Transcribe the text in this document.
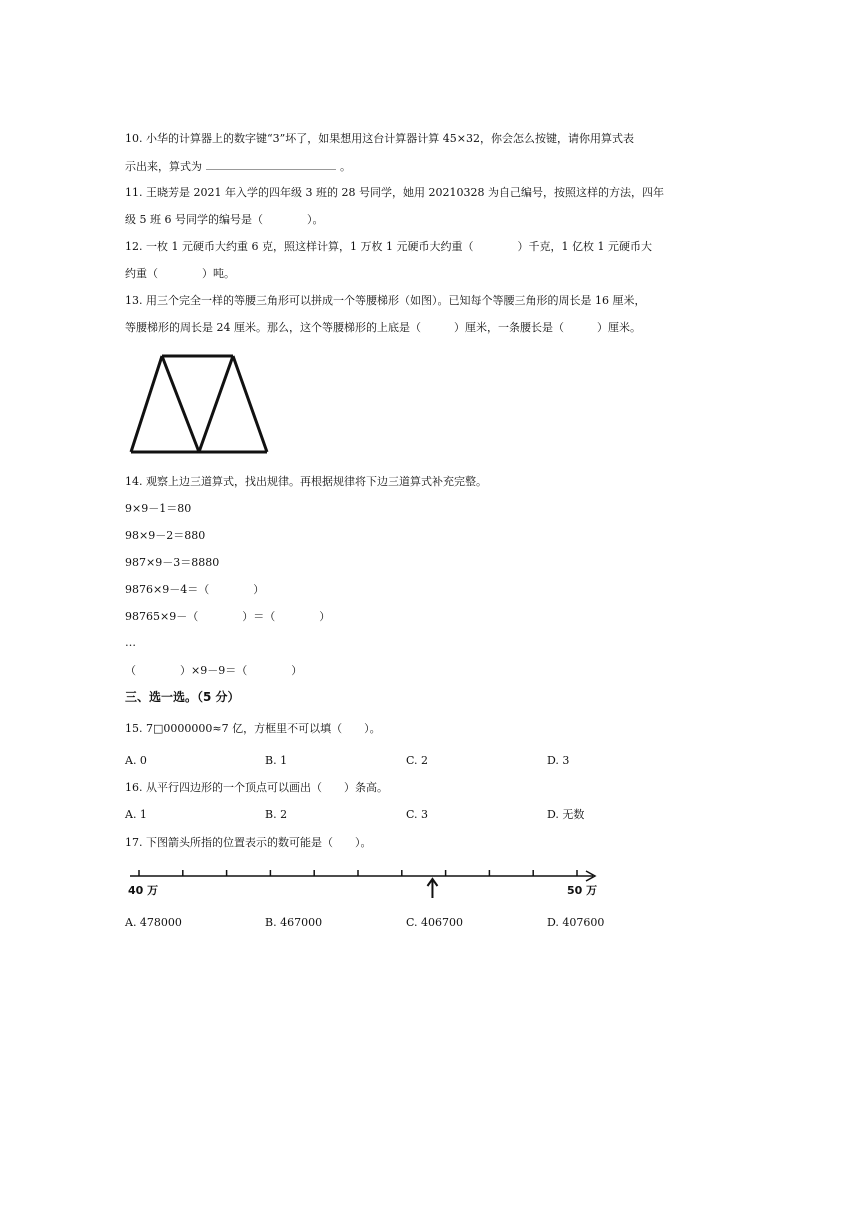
10. 小华的计算器上的数字键“3”坏了，如果想用这台计算器计算 45×32，你会怎么按键，请你用算式表
示出来，算式为	。
11. 王晓芳是 2021 年入学的四年级 3 班的 28 号同学，她用 20210328 为自己编号，按照这样的方法，四年
级 5 班 6 号同学的编号是（　　　　）。
12. 一枚 1 元硬币大约重 6 克，照这样计算，1 万枚 1 元硬币大约重（　　　　）千克，1 亿枚 1 元硬币大
约重（　　　　）吨。
13. 用三个完全一样的等腰三角形可以拼成一个等腰梯形（如图）。已知每个等腰三角形的周长是 16 厘米，
等腰梯形的周长是 24 厘米。那么，这个等腰梯形的上底是（　　　）厘米，一条腰长是（　　　）厘米。
14. 观察上边三道算式，找出规律。再根据规律将下边三道算式补充完整。
9×9－1＝80
98×9－2＝880
987×9－3＝8880
9876×9－4＝（　　　　）
98765×9－（　　　　）＝（　　　　）
…
（　　　　）×9－9＝（　　　　）
三、选一选。（5 分）
15. 7□0000000≈7 亿，方框里不可以填（　　）。
A. 0	B. 1	C. 2	D. 3
16. 从平行四边形的一个顶点可以画出（　　）条高。
A. 1	B. 2	C. 3	D. 无数
17. 下图箭头所指的位置表示的数可能是（　　）。
40 万	50 万
A. 478000	B. 467000	C. 406700	D. 407600
